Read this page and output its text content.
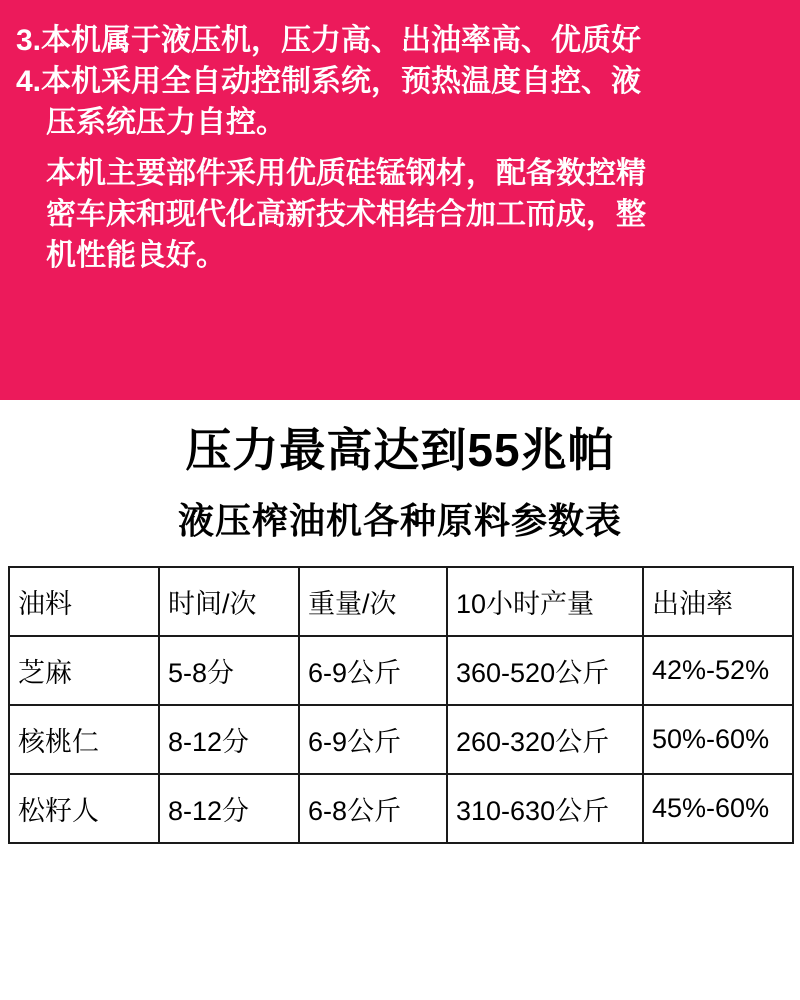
3.本机属于液压机，压力高、出油率高、优质好
4.本机采用全自动控制系统，预热温度自控、液
压系统压力自控。
本机主要部件采用优质硅锰钢材，配备数控精
密车床和现代化高新技术相结合加工而成，整
机性能良好。
压力最高达到55兆帕
液压榨油机各种原料参数表
油料	时间/次	重量/次	10小时产量	出油率
芝麻	5-8分	6-9公斤	360-520公斤	42%-52%
核桃仁	8-12分	6-9公斤	260-320公斤	50%-60%
松籽人	8-12分	6-8公斤	310-630公斤	45%-60%
